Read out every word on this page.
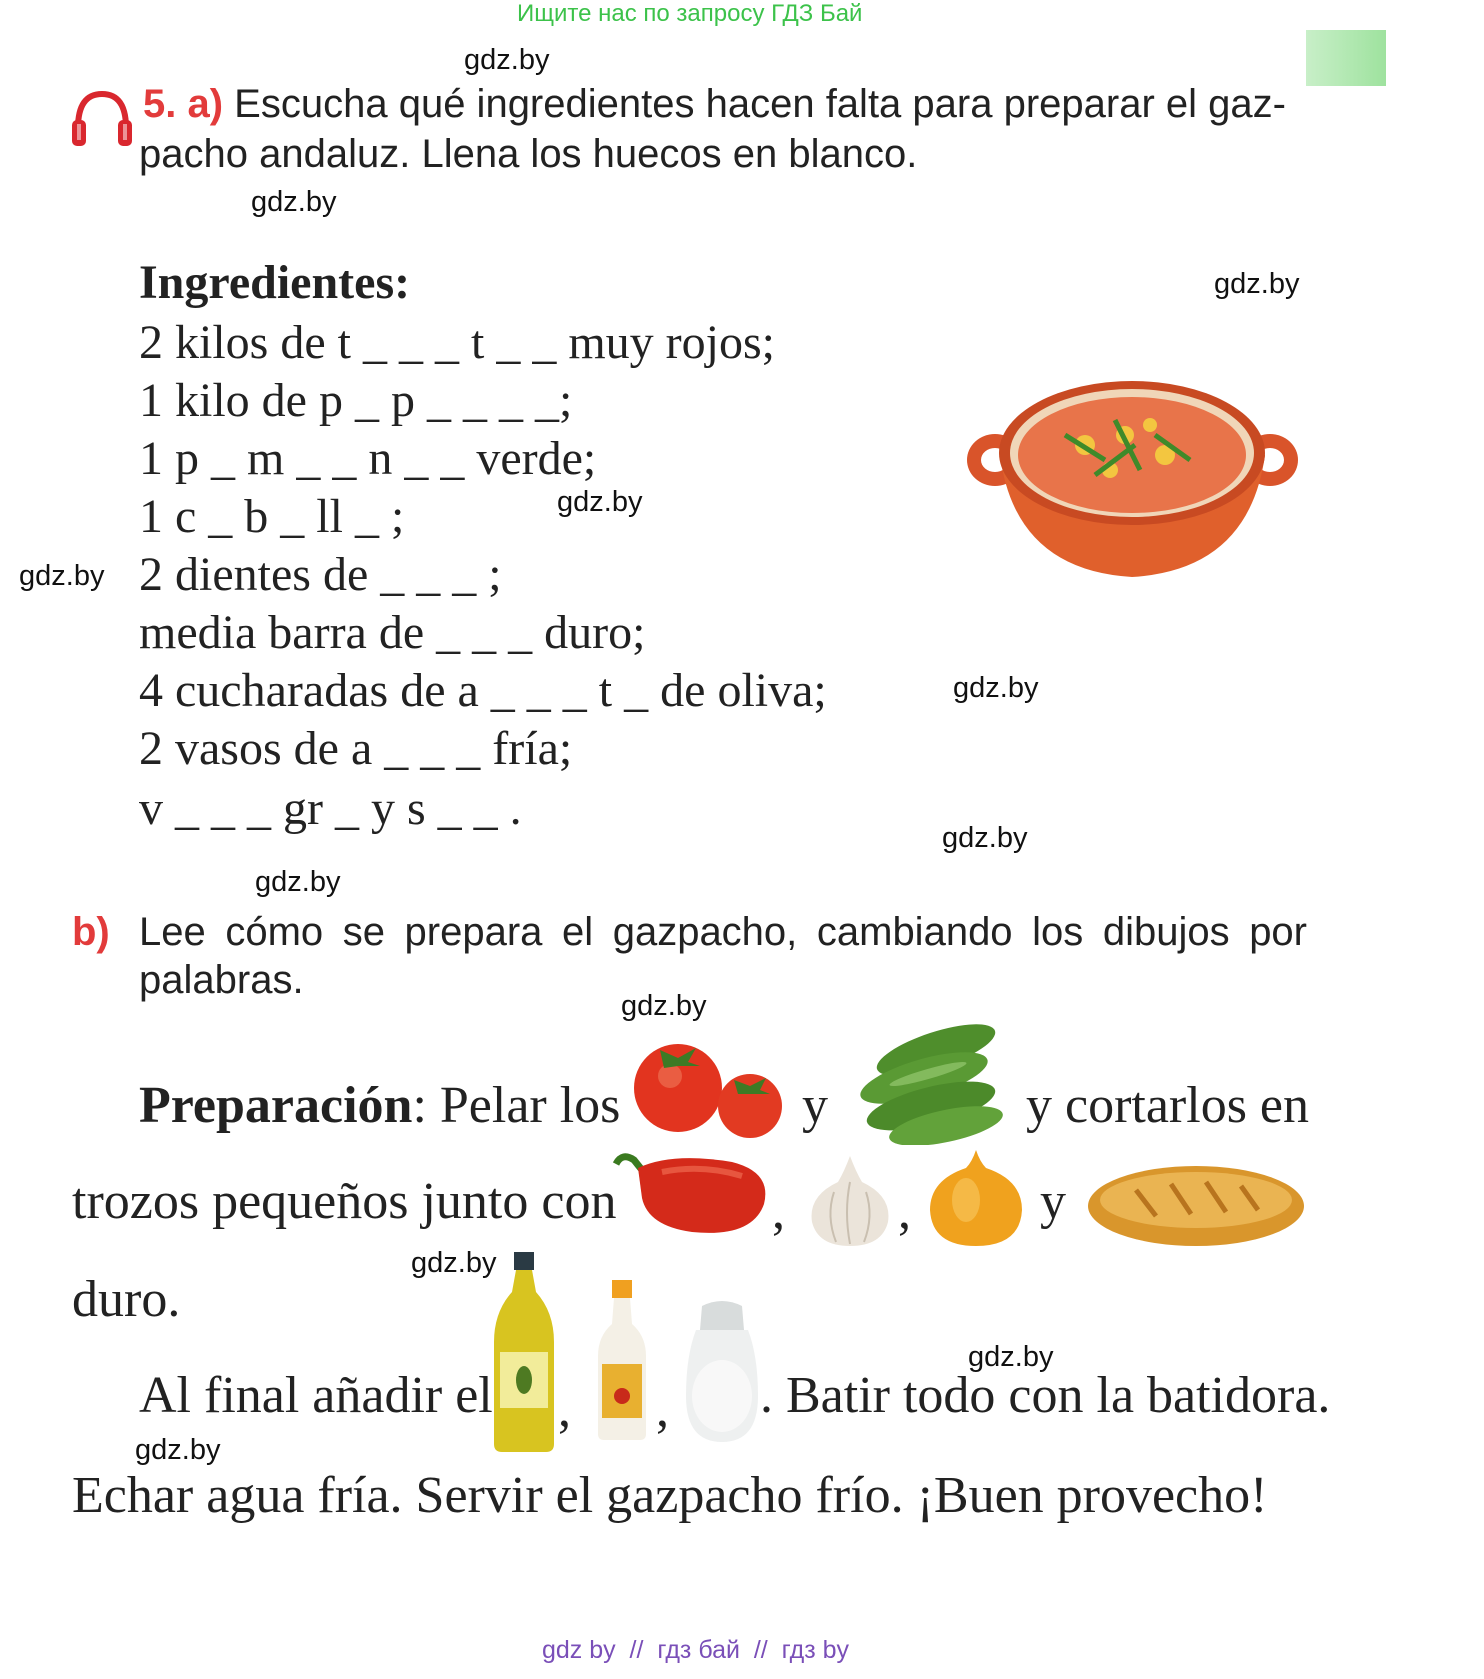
Ищите нас по запросу ГДЗ Бай
gdz.by
gdz.by
gdz.by
gdz.by
gdz.by
gdz.by
gdz.by
gdz.by
gdz.by
gdz.by
gdz.by
gdz.by
5. a) Escucha qué ingredientes hacen falta para preparar el gaz-
pacho andaluz. Llena los huecos en blanco.
Ingredientes:
2 kilos de t _ _ _ t _ _ muy rojos;
1 kilo de p _ p _ _ _ _;
1 p _ m _ _ n _ _ verde;
1 c _ b _ ll _ ;
2 dientes de _ _ _ ;
media barra de _ _ _ duro;
4 cucharadas de a _ _ _ t _ de oliva;
2 vasos de a _ _ _ fría;
v _ _ _ gr _ y s _ _ .
b) Lee cómo se prepara el gazpacho, cambiando los dibujos por
palabras.
Preparación: Pelar los	y	y cortarlos en
trozos pequeños junto con	, , y
duro.
Al final añadir el , , . Batir todo con la batidora.
Echar agua fría. Servir el gazpacho frío. ¡Buen provecho!
gdz by  //  гдз бай  //  гдз by
